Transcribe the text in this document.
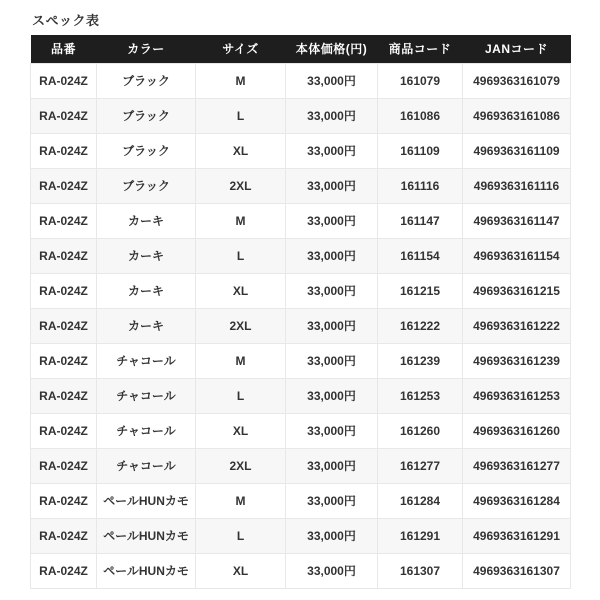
スペック表
品番	カラー	サイズ	本体価格(円)	商品コード	JANコード
RA-024Z	ブラック	M	33,000円	161079	4969363161079
RA-024Z	ブラック	L	33,000円	161086	4969363161086
RA-024Z	ブラック	XL	33,000円	161109	4969363161109
RA-024Z	ブラック	2XL	33,000円	161116	4969363161116
RA-024Z	カーキ	M	33,000円	161147	4969363161147
RA-024Z	カーキ	L	33,000円	161154	4969363161154
RA-024Z	カーキ	XL	33,000円	161215	4969363161215
RA-024Z	カーキ	2XL	33,000円	161222	4969363161222
RA-024Z	チャコール	M	33,000円	161239	4969363161239
RA-024Z	チャコール	L	33,000円	161253	4969363161253
RA-024Z	チャコール	XL	33,000円	161260	4969363161260
RA-024Z	チャコール	2XL	33,000円	161277	4969363161277
RA-024Z	ペールHUNカモ	M	33,000円	161284	4969363161284
RA-024Z	ペールHUNカモ	L	33,000円	161291	4969363161291
RA-024Z	ペールHUNカモ	XL	33,000円	161307	4969363161307
